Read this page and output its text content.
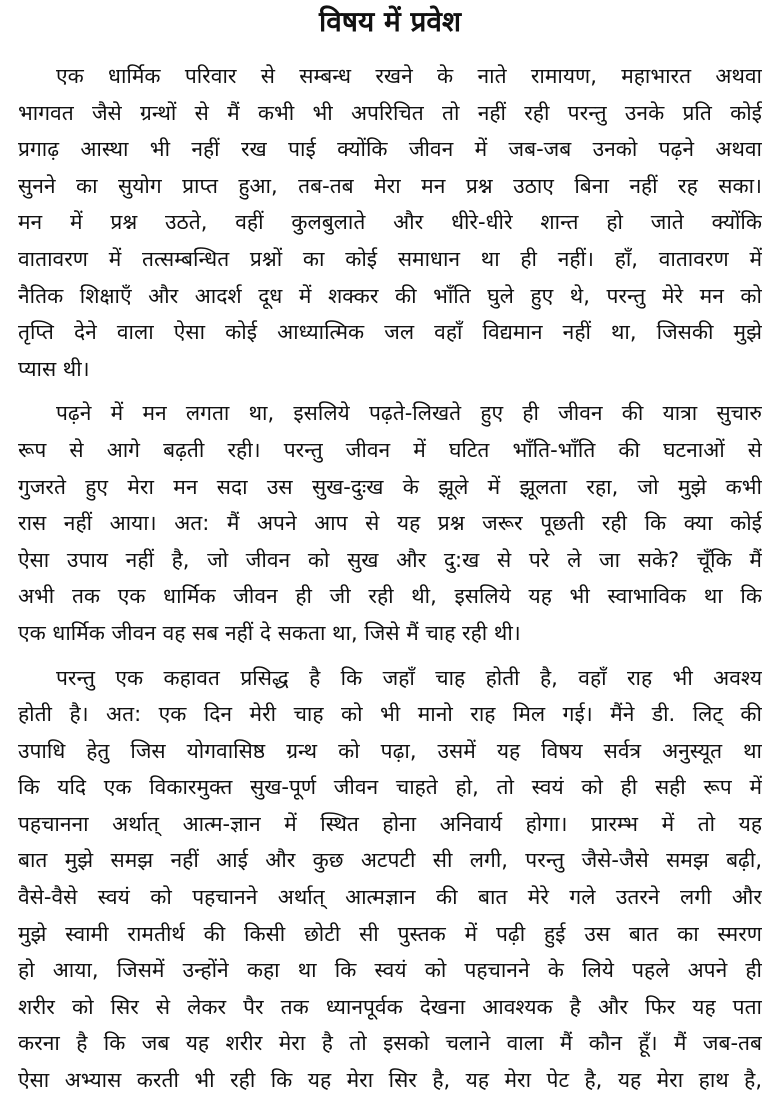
विषय में प्रवेश
एक धार्मिक परिवार से सम्बन्ध रखने के नाते रामायण, महाभारत अथवा
भागवत जैसे ग्रन्थों से मैं कभी भी अपरिचित तो नहीं रही परन्तु उनके प्रति कोई
प्रगाढ़ आस्था भी नहीं रख पाई क्योंकि जीवन में जब-जब उनको पढ़ने अथवा
सुनने का सुयोग प्राप्त हुआ, तब-तब मेरा मन प्रश्न उठाए बिना नहीं रह सका।
मन में प्रश्न उठते, वहीं कुलबुलाते और धीरे-धीरे शान्त हो जाते क्योंकि
वातावरण में तत्सम्बन्धित प्रश्नों का कोई समाधान था ही नहीं। हाँ, वातावरण में
नैतिक शिक्षाएँ और आदर्श दूध में शक्कर की भाँति घुले हुए थे, परन्तु मेरे मन को
तृप्ति देने वाला ऐसा कोई आध्यात्मिक जल वहाँ विद्यमान नहीं था, जिसकी मुझे
प्यास थी।
पढ़ने में मन लगता था, इसलिये पढ़ते-लिखते हुए ही जीवन की यात्रा सुचारु
रूप से आगे बढ़ती रही। परन्तु जीवन में घटित भाँति-भाँति की घटनाओं से
गुजरते हुए मेरा मन सदा उस सुख-दुःख के झूले में झूलता रहा, जो मुझे कभी
रास नहीं आया। अत: मैं अपने आप से यह प्रश्न जरूर पूछती रही कि क्या कोई
ऐसा उपाय नहीं है, जो जीवन को सुख और दु:ख से परे ले जा सके? चूँकि मैं
अभी तक एक धार्मिक जीवन ही जी रही थी, इसलिये यह भी स्वाभाविक था कि
एक धार्मिक जीवन वह सब नहीं दे सकता था, जिसे मैं चाह रही थी।
परन्तु एक कहावत प्रसिद्ध है कि जहाँ चाह होती है, वहाँ राह भी अवश्य
होती है। अत: एक दिन मेरी चाह को भी मानो राह मिल गई। मैंने डी. लिट् की
उपाधि हेतु जिस योगवासिष्ठ ग्रन्थ को पढ़ा, उसमें यह विषय सर्वत्र अनुस्यूत था
कि यदि एक विकारमुक्त सुख-पूर्ण जीवन चाहते हो, तो स्वयं को ही सही रूप में
पहचानना अर्थात् आत्म-ज्ञान में स्थित होना अनिवार्य होगा। प्रारम्भ में तो यह
बात मुझे समझ नहीं आई और कुछ अटपटी सी लगी, परन्तु जैसे-जैसे समझ बढ़ी,
वैसे-वैसे स्वयं को पहचानने अर्थात् आत्मज्ञान की बात मेरे गले उतरने लगी और
मुझे स्वामी रामतीर्थ की किसी छोटी सी पुस्तक में पढ़ी हुई उस बात का स्मरण
हो आया, जिसमें उन्होंने कहा था कि स्वयं को पहचानने के लिये पहले अपने ही
शरीर को सिर से लेकर पैर तक ध्यानपूर्वक देखना आवश्यक है और फिर यह पता
करना है कि जब यह शरीर मेरा है तो इसको चलाने वाला मैं कौन हूँ। मैं जब-तब
ऐसा अभ्यास करती भी रही कि यह मेरा सिर है, यह मेरा पेट है, यह मेरा हाथ है,
